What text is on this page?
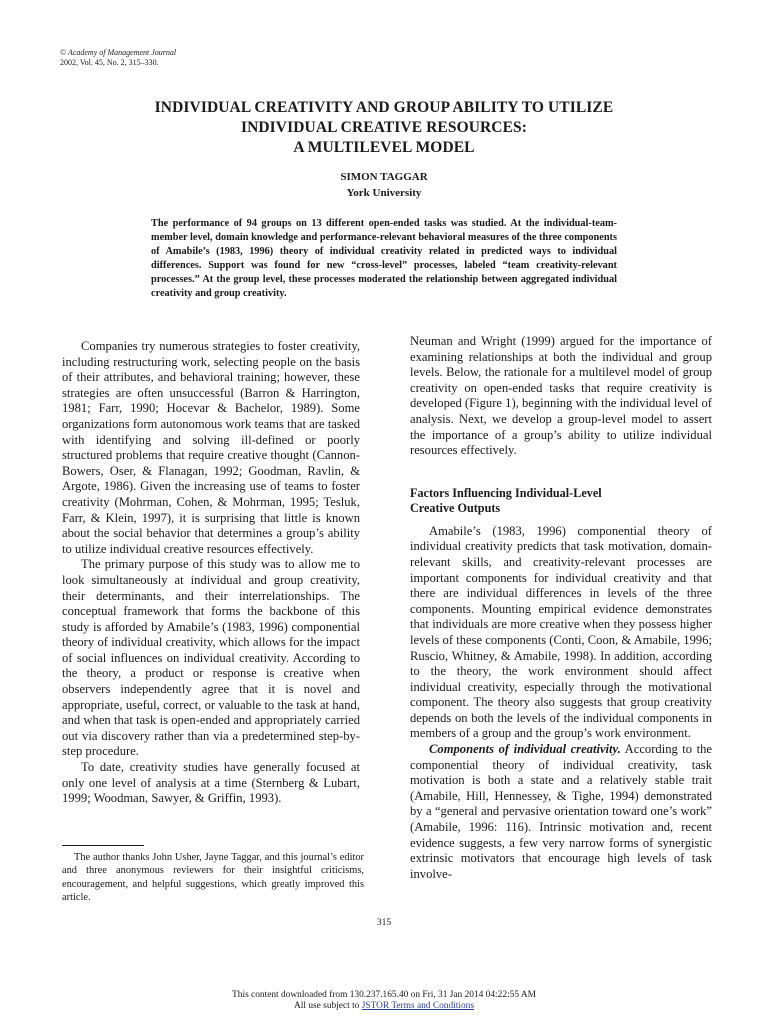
© Academy of Management Journal
2002, Vol. 45, No. 2, 315–330.
INDIVIDUAL CREATIVITY AND GROUP ABILITY TO UTILIZE
INDIVIDUAL CREATIVE RESOURCES:
A MULTILEVEL MODEL
SIMON TAGGAR
York University
The performance of 94 groups on 13 different open-ended tasks was studied. At the individual-team-member level, domain knowledge and performance-relevant behavioral measures of the three components of Amabile’s (1983, 1996) theory of individual creativity related in predicted ways to individual differences. Support was found for new “cross-level” processes, labeled “team creativity-relevant processes.” At the group level, these processes moderated the relationship between aggregated individual creativity and group creativity.

Companies try numerous strategies to foster creativity, including restructuring work, selecting people on the basis of their attributes, and behavioral training; however, these strategies are often unsuccessful (Barron & Harrington, 1981; Farr, 1990; Hocevar & Bachelor, 1989). Some organizations form autonomous work teams that are tasked with identifying and solving ill-defined or poorly structured problems that require creative thought (Cannon-Bowers, Oser, & Flanagan, 1992; Goodman, Ravlin, & Argote, 1986). Given the increasing use of teams to foster creativity (Mohrman, Cohen, & Mohrman, 1995; Tesluk, Farr, & Klein, 1997), it is surprising that little is known about the social behavior that determines a group’s ability to utilize individual creative resources effectively.

The primary purpose of this study was to allow me to look simultaneously at individual and group creativity, their determinants, and their interrelationships. The conceptual framework that forms the backbone of this study is afforded by Amabile’s (1983, 1996) componential theory of individual creativity, which allows for the impact of social influences on individual creativity. According to the theory, a product or response is creative when observers independently agree that it is novel and appropriate, useful, correct, or valuable to the task at hand, and when that task is open-ended and appropriately carried out via discovery rather than via a predetermined step-by-step procedure.

To date, creativity studies have generally focused at only one level of analysis at a time (Sternberg & Lubart, 1999; Woodman, Sawyer, & Griffin, 1993).

The author thanks John Usher, Jayne Taggar, and this journal’s editor and three anonymous reviewers for their insightful criticisms, encouragement, and helpful suggestions, which greatly improved this article.

Neuman and Wright (1999) argued for the importance of examining relationships at both the individual and group levels. Below, the rationale for a multilevel model of group creativity on open-ended tasks that require creativity is developed (Figure 1), beginning with the individual level of analysis. Next, we develop a group-level model to assert the importance of a group’s ability to utilize individual resources effectively.

Factors Influencing Individual-Level
Creative Outputs

Amabile’s (1983, 1996) componential theory of individual creativity predicts that task motivation, domain-relevant skills, and creativity-relevant processes are important components for individual creativity and that there are individual differences in levels of the three components. Mounting empirical evidence demonstrates that individuals are more creative when they possess higher levels of these components (Conti, Coon, & Amabile, 1996; Ruscio, Whitney, & Amabile, 1998). In addition, according to the theory, the work environment should affect individual creativity, especially through the motivational component. The theory also suggests that group creativity depends on both the levels of the individual components in members of a group and the group’s work environment.

Components of individual creativity. According to the componential theory of individual creativity, task motivation is both a state and a relatively stable trait (Amabile, Hill, Hennessey, & Tighe, 1994) demonstrated by a “general and pervasive orientation toward one’s work” (Amabile, 1996: 116). Intrinsic motivation and, recent evidence suggests, a few very narrow forms of synergistic extrinsic motivators that encourage high levels of task involve-

315
This content downloaded from 130.237.165.40 on Fri, 31 Jan 2014 04:22:55 AM
All use subject to JSTOR Terms and Conditions
